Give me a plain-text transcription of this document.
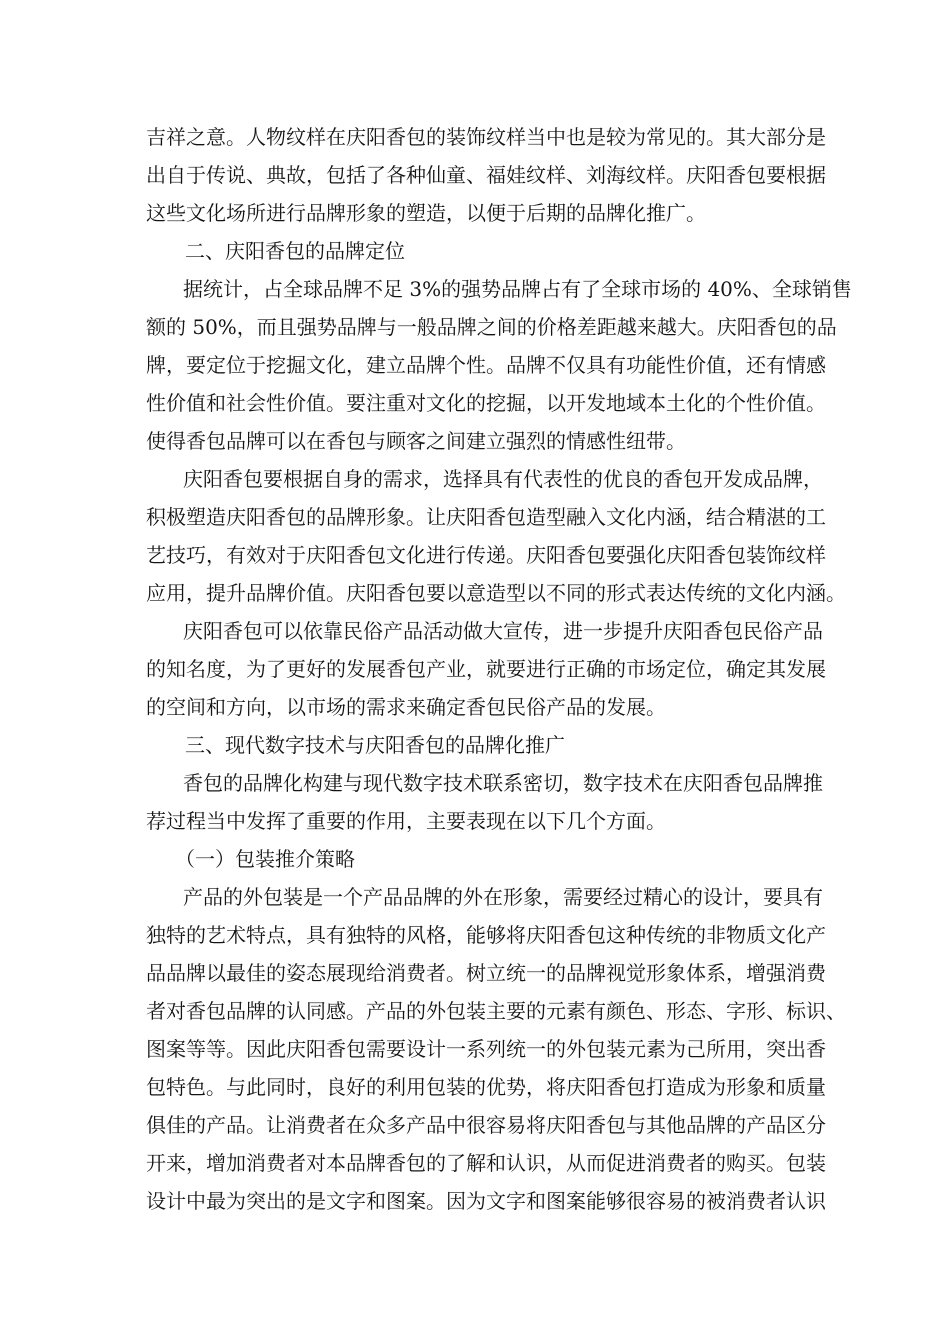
吉祥之意。人物纹样在庆阳香包的装饰纹样当中也是较为常见的。其大部分是
出自于传说、典故，包括了各种仙童、福娃纹样、刘海纹样。庆阳香包要根据
这些文化场所进行品牌形象的塑造，以便于后期的品牌化推广。
二、庆阳香包的品牌定位
据统计，占全球品牌不足 3%的强势品牌占有了全球市场的 40%、全球销售
额的 50%，而且强势品牌与一般品牌之间的价格差距越来越大。庆阳香包的品
牌，要定位于挖掘文化，建立品牌个性。品牌不仅具有功能性价值，还有情感
性价值和社会性价值。要注重对文化的挖掘，以开发地域本土化的个性价值。
使得香包品牌可以在香包与顾客之间建立强烈的情感性纽带。
庆阳香包要根据自身的需求，选择具有代表性的优良的香包开发成品牌，
积极塑造庆阳香包的品牌形象。让庆阳香包造型融入文化内涵，结合精湛的工
艺技巧，有效对于庆阳香包文化进行传递。庆阳香包要强化庆阳香包装饰纹样
应用，提升品牌价值。庆阳香包要以意造型以不同的形式表达传统的文化内涵。
庆阳香包可以依靠民俗产品活动做大宣传，进一步提升庆阳香包民俗产品
的知名度，为了更好的发展香包产业，就要进行正确的市场定位，确定其发展
的空间和方向，以市场的需求来确定香包民俗产品的发展。
三、现代数字技术与庆阳香包的品牌化推广
香包的品牌化构建与现代数字技术联系密切，数字技术在庆阳香包品牌推
荐过程当中发挥了重要的作用，主要表现在以下几个方面。
（一）包装推介策略
产品的外包装是一个产品品牌的外在形象，需要经过精心的设计，要具有
独特的艺术特点，具有独特的风格，能够将庆阳香包这种传统的非物质文化产
品品牌以最佳的姿态展现给消费者。树立统一的品牌视觉形象体系，增强消费
者对香包品牌的认同感。产品的外包装主要的元素有颜色、形态、字形、标识、
图案等等。因此庆阳香包需要设计一系列统一的外包装元素为己所用，突出香
包特色。与此同时，良好的利用包装的优势，将庆阳香包打造成为形象和质量
俱佳的产品。让消费者在众多产品中很容易将庆阳香包与其他品牌的产品区分
开来，增加消费者对本品牌香包的了解和认识，从而促进消费者的购买。包装
设计中最为突出的是文字和图案。因为文字和图案能够很容易的被消费者认识
